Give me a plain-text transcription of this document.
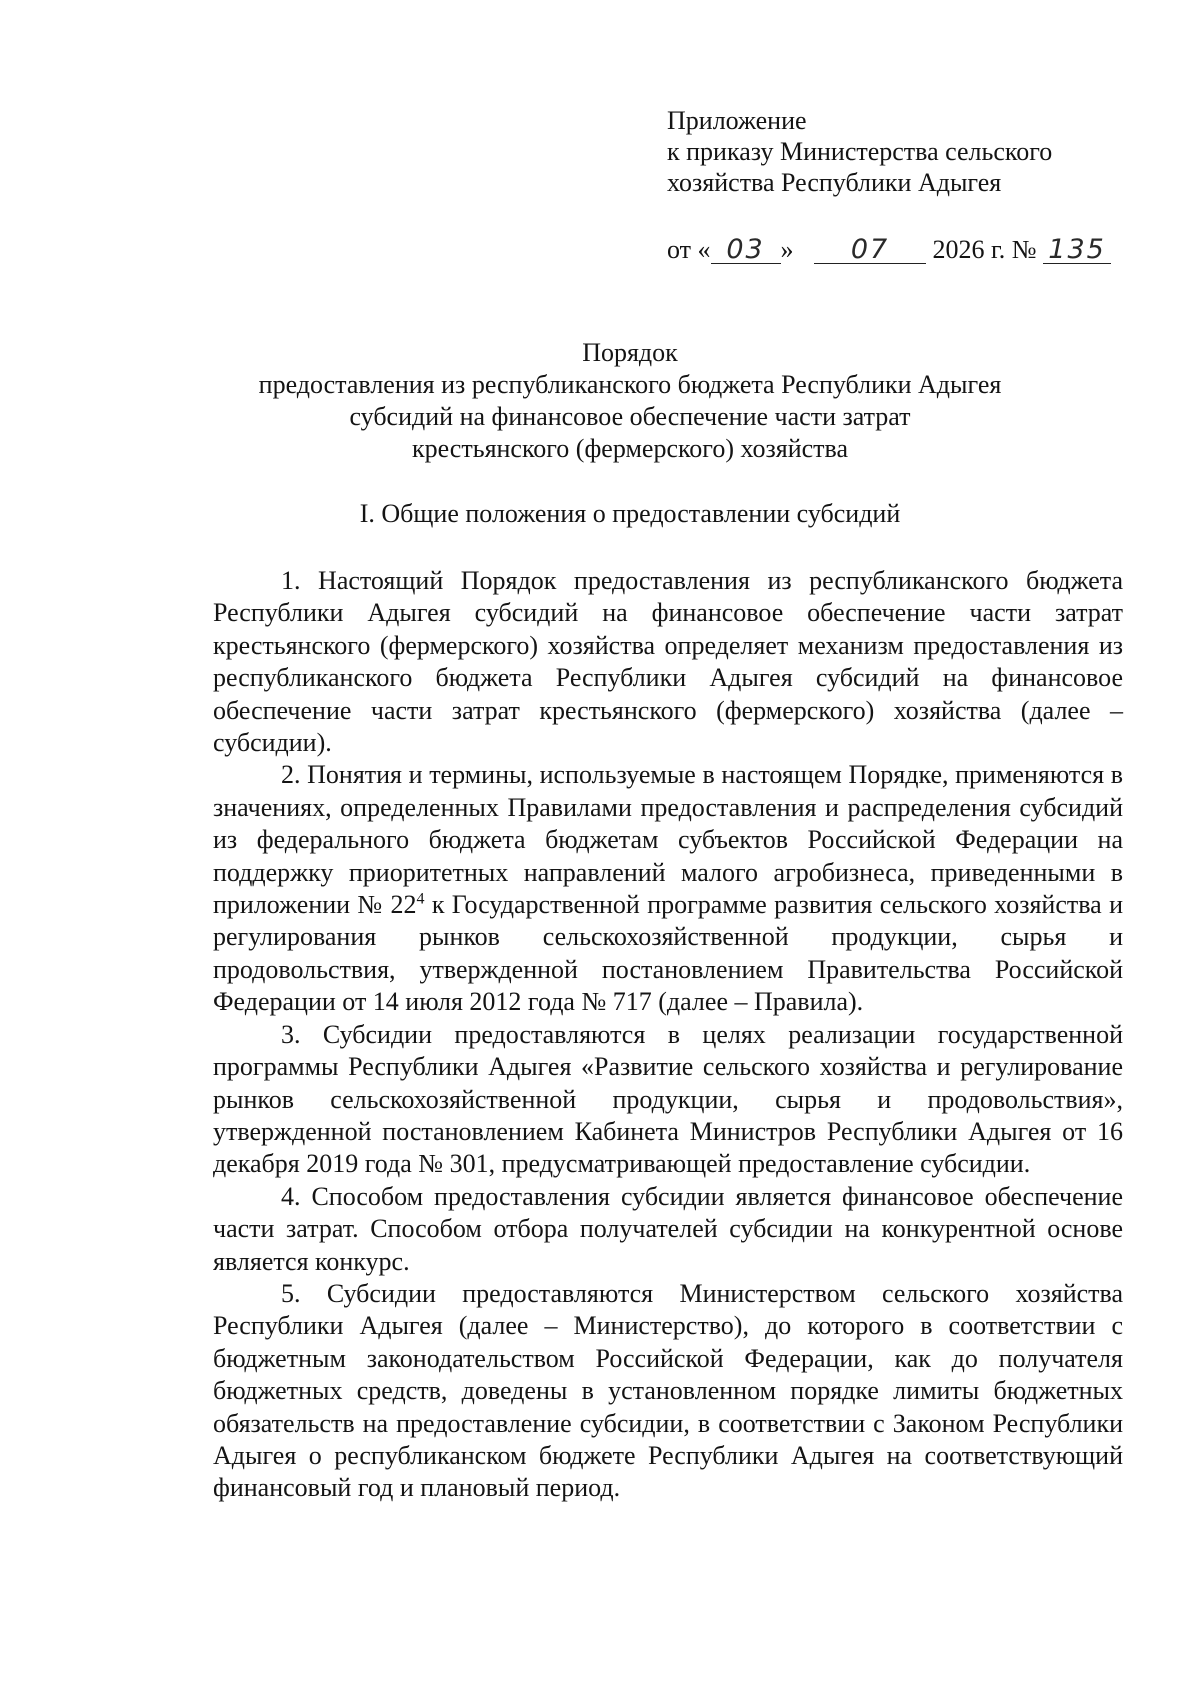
Приложение
к приказу Министерства сельского
хозяйства Республики Адыгея
от « 03 » 07 2026 г. № 135
Порядок
предоставления из республиканского бюджета Республики Адыгея
субсидий на финансовое обеспечение части затрат
крестьянского (фермерского) хозяйства
I. Общие положения о предоставлении субсидий

1. Настоящий Порядок предоставления из республиканского бюджета Республики Адыгея субсидий на финансовое обеспечение части затрат крестьянского (фермерского) хозяйства определяет механизм предоставления из республиканского бюджета Республики Адыгея субсидий на финансовое обеспечение части затрат крестьянского (фермерского) хозяйства (далее – субсидии).

2. Понятия и термины, используемые в настоящем Порядке, применяются в значениях, определенных Правилами предоставления и распределения субсидий из федерального бюджета бюджетам субъектов Российской Федерации на поддержку приоритетных направлений малого агробизнеса, приведенными в приложении № $22^4$ к Государственной программе развития сельского хозяйства и регулирования рынков сельскохозяйственной продукции, сырья и продовольствия, утвержденной постановлением Правительства Российской Федерации от 14 июля 2012 года № 717 (далее – Правила).

3. Субсидии предоставляются в целях реализации государственной программы Республики Адыгея «Развитие сельского хозяйства и регулирование рынков сельскохозяйственной продукции, сырья и продовольствия», утвержденной постановлением Кабинета Министров Республики Адыгея от 16 декабря 2019 года № 301, предусматривающей предоставление субсидии.

4. Способом предоставления субсидии является финансовое обеспечение части затрат. Способом отбора получателей субсидии на конкурентной основе является конкурс.

5. Субсидии предоставляются Министерством сельского хозяйства Республики Адыгея (далее – Министерство), до которого в соответствии с бюджетным законодательством Российской Федерации, как до получателя бюджетных средств, доведены в установленном порядке лимиты бюджетных обязательств на предоставление субсидии, в соответствии с Законом Республики Адыгея о республиканском бюджете Республики Адыгея на соответствующий финансовый год и плановый период.
